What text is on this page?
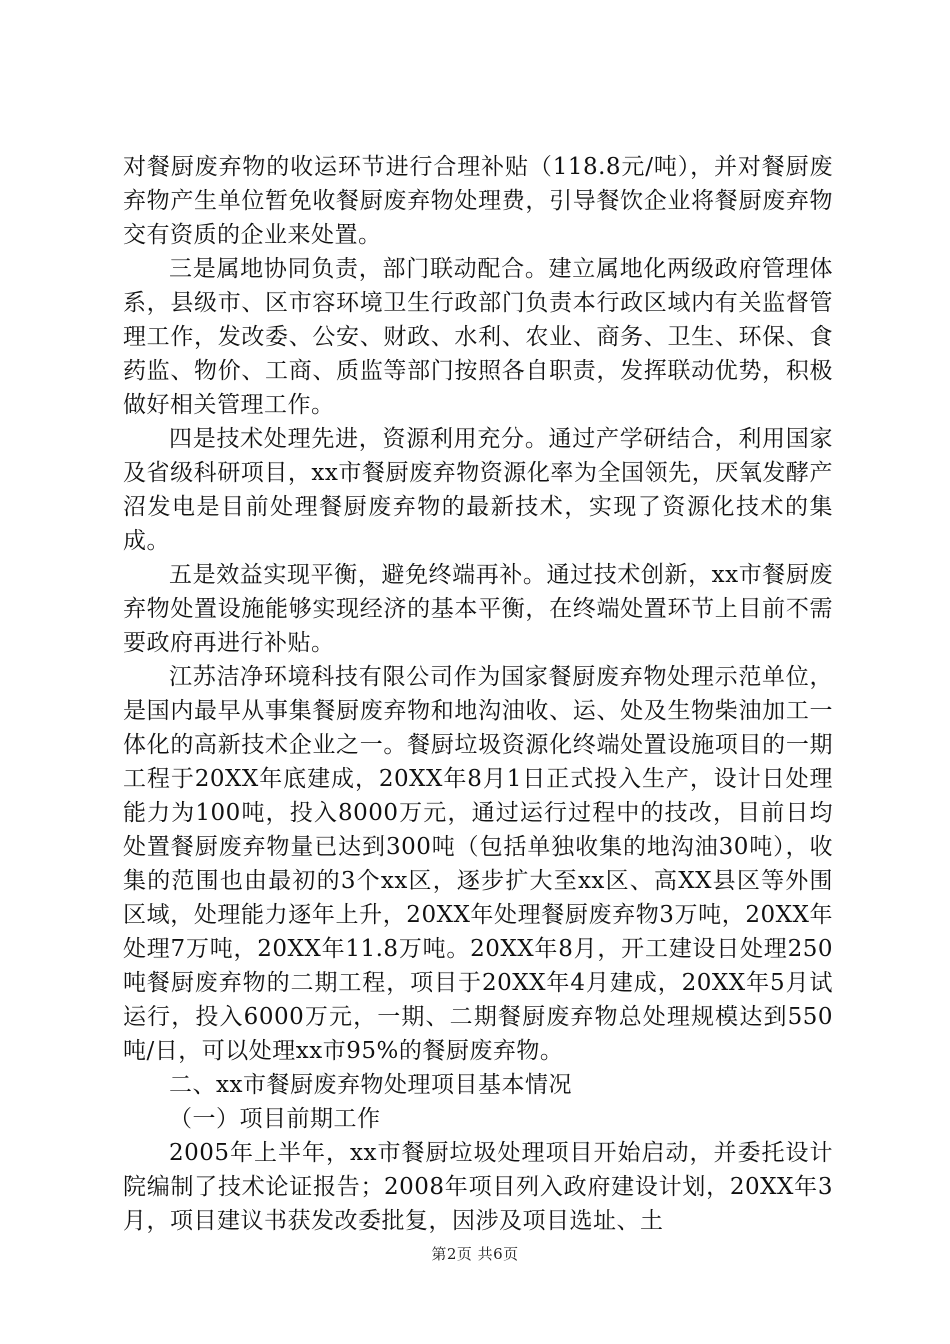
对餐厨废弃物的收运环节进行合理补贴（118.8元/吨），并对餐厨废弃物产生单位暂免收餐厨废弃物处理费，引导餐饮企业将餐厨废弃物交有资质的企业来处置。

三是属地协同负责，部门联动配合。建立属地化两级政府管理体系，县级市、区市容环境卫生行政部门负责本行政区域内有关监督管理工作，发改委、公安、财政、水利、农业、商务、卫生、环保、食药监、物价、工商、质监等部门按照各自职责，发挥联动优势，积极做好相关管理工作。

四是技术处理先进，资源利用充分。通过产学研结合，利用国家及省级科研项目，xx市餐厨废弃物资源化率为全国领先，厌氧发酵产沼发电是目前处理餐厨废弃物的最新技术，实现了资源化技术的集成。

五是效益实现平衡，避免终端再补。通过技术创新，xx市餐厨废弃物处置设施能够实现经济的基本平衡，在终端处置环节上目前不需要政府再进行补贴。

江苏洁净环境科技有限公司作为国家餐厨废弃物处理示范单位，是国内最早从事集餐厨废弃物和地沟油收、运、处及生物柴油加工一体化的高新技术企业之一。餐厨垃圾资源化终端处置设施项目的一期工程于20XX年底建成，20XX年8月1日正式投入生产，设计日处理能力为100吨，投入8000万元，通过运行过程中的技改，目前日均处置餐厨废弃物量已达到300吨（包括单独收集的地沟油30吨），收集的范围也由最初的3个xx区，逐步扩大至xx区、高XX县区等外围区域，处理能力逐年上升，20XX年处理餐厨废弃物3万吨，20XX年处理7万吨，20XX年11.8万吨。20XX年8月，开工建设日处理250吨餐厨废弃物的二期工程，项目于20XX年4月建成，20XX年5月试运行，投入6000万元，一期、二期餐厨废弃物总处理规模达到550吨/日，可以处理xx市95%的餐厨废弃物。

二、xx市餐厨废弃物处理项目基本情况

（一）项目前期工作

2005年上半年，xx市餐厨垃圾处理项目开始启动，并委托设计院编制了技术论证报告；2008年项目列入政府建设计划，20XX年3月，项目建议书获发改委批复，因涉及项目选址、土

第2页 共6页
